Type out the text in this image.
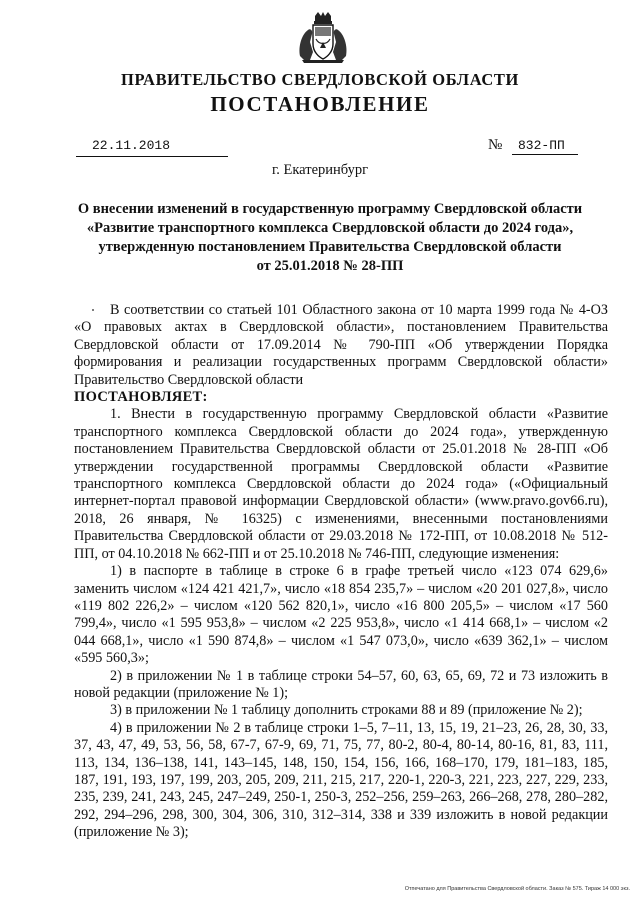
ПРАВИТЕЛЬСТВО СВЕРДЛОВСКОЙ ОБЛАСТИ
ПОСТАНОВЛЕНИЕ
22.11.2018	№	832-ПП
г. Екатеринбург
О внесении изменений в государственную программу Свердловской области
«Развитие транспортного комплекса Свердловской области до 2024 года»,
утвержденную постановлением Правительства Свердловской области
от 25.01.2018 № 28-ПП

В соответствии со статьей 101 Областного закона от 10 марта 1999 года № 4-ОЗ «О правовых актах в Свердловской области», постановлением Правительства Свердловской области от 17.09.2014 № 790-ПП «Об утверждении Порядка формирования и реализации государственных программ Свердловской области» Правительство Свердловской области

ПОСТАНОВЛЯЕТ:

1. Внести в государственную программу Свердловской области «Развитие транспортного комплекса Свердловской области до 2024 года», утвержденную постановлением Правительства Свердловской области от 25.01.2018 № 28-ПП «Об утверждении государственной программы Свердловской области «Развитие транспортного комплекса Свердловской области до 2024 года» («Официальный интернет-портал правовой информации Свердловской области» (www.pravo.gov66.ru), 2018, 26 января, № 16325) с изменениями, внесенными постановлениями Правительства Свердловской области от 29.03.2018 № 172-ПП, от 10.08.2018 № 512-ПП, от 04.10.2018 № 662-ПП и от 25.10.2018 № 746-ПП, следующие изменения:

1) в паспорте в таблице в строке 6 в графе третьей число «123 074 629,6» заменить числом «124 421 421,7», число «18 854 235,7» – числом «20 201 027,8», число «119 802 226,2» – числом «120 562 820,1», число «16 800 205,5» – числом «17 560 799,4», число «1 595 953,8» – числом «2 225 953,8», число «1 414 668,1» – числом «2 044 668,1», число «1 590 874,8» – числом «1 547 073,0», число «639 362,1» – числом «595 560,3»;

2) в приложении № 1 в таблице строки 54–57, 60, 63, 65, 69, 72 и 73 изложить в новой редакции (приложение № 1);

3) в приложении № 1 таблицу дополнить строками 88 и 89 (приложение № 2);

4) в приложении № 2 в таблице строки 1–5, 7–11, 13, 15, 19, 21–23, 26, 28, 30, 33, 37, 43, 47, 49, 53, 56, 58, 67-7, 67-9, 69, 71, 75, 77, 80-2, 80-4, 80-14, 80-16, 81, 83, 111, 113, 134, 136–138, 141, 143–145, 148, 150, 154, 156, 166, 168–170, 179, 181–183, 185, 187, 191, 193, 197, 199, 203, 205, 209, 211, 215, 217, 220-1, 220-3, 221, 223, 227, 229, 233, 235, 239, 241, 243, 245, 247–249, 250-1, 250-3, 252–256, 259–263, 266–268, 278, 280–282, 292, 294–296, 298, 300, 304, 306, 310, 312–314, 338 и 339 изложить в новой редакции (приложение № 3);

Отпечатано для Правительства Свердловской области. Заказ № 575. Тираж 14 000 экз.
